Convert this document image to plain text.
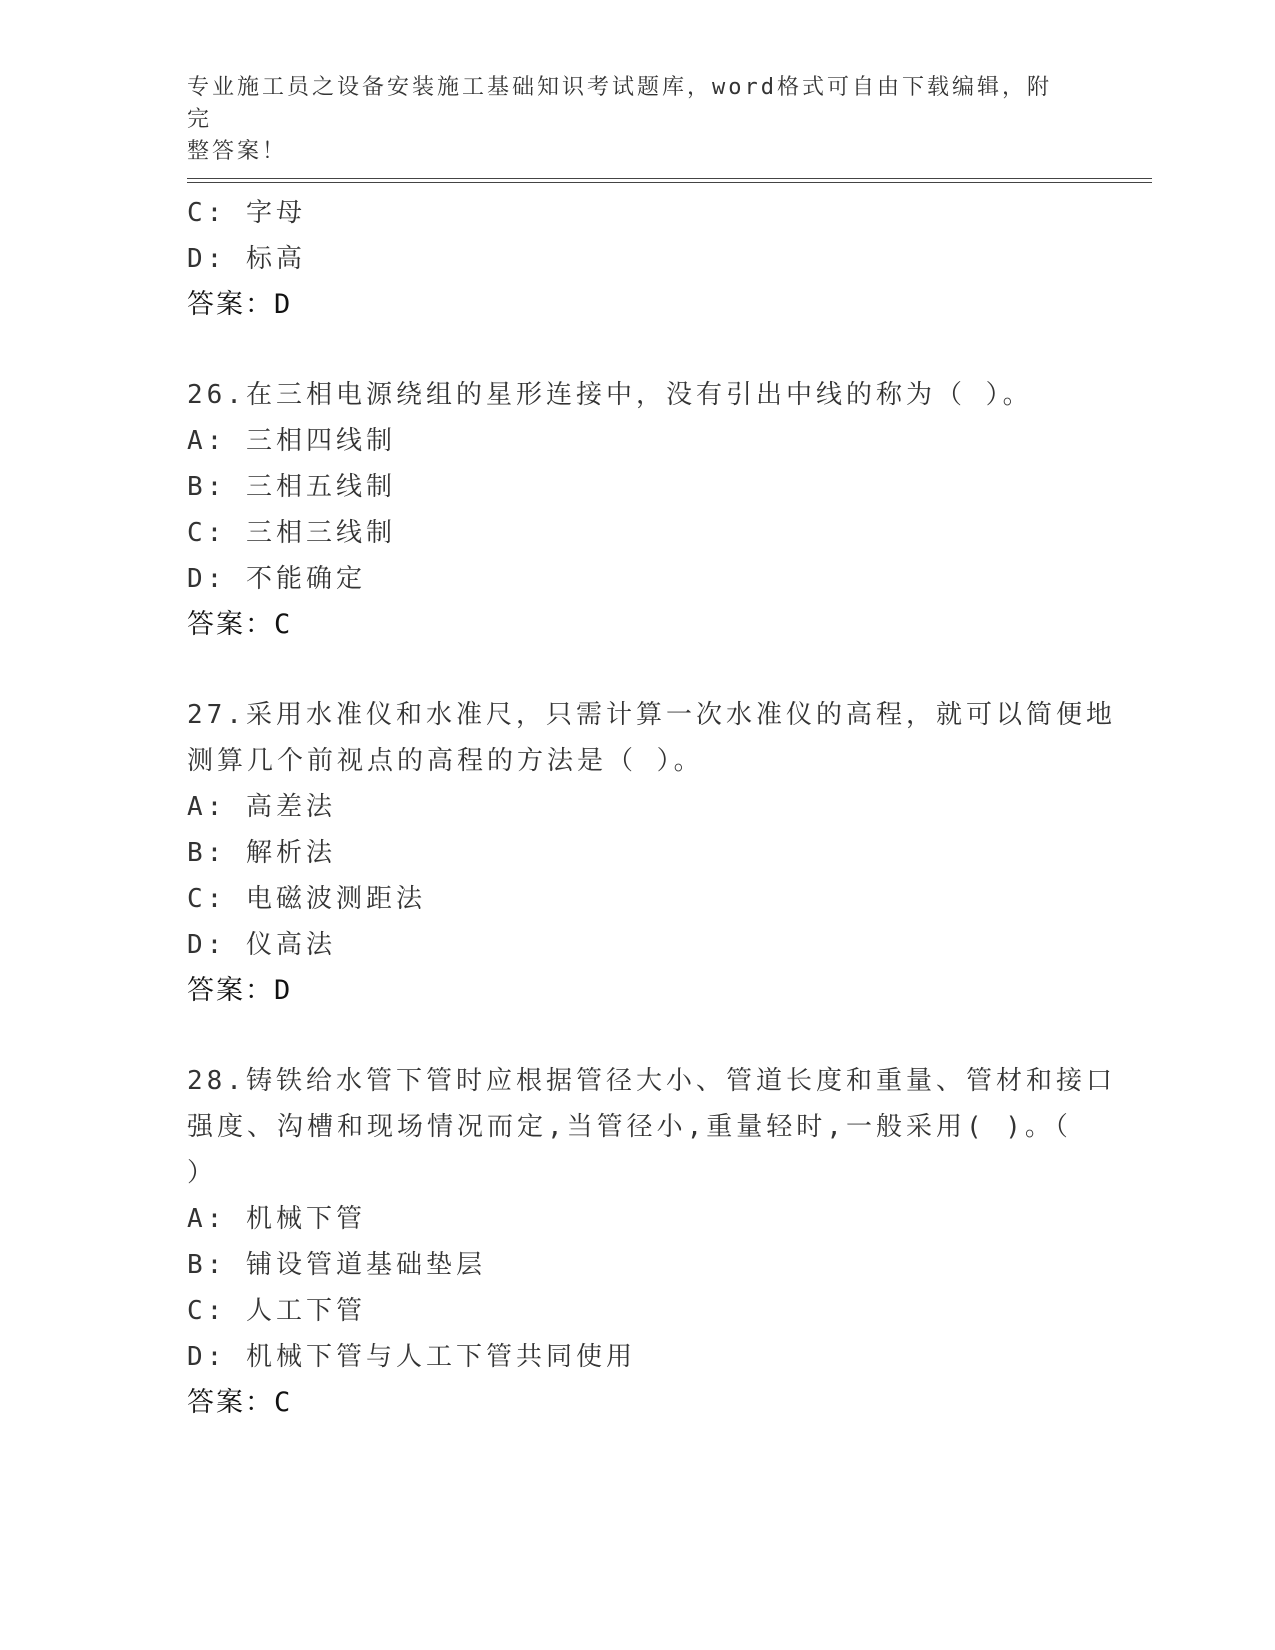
专业施工员之设备安装施工基础知识考试题库，word格式可自由下载编辑，附完
整答案！
C: 字母
D: 标高
答案：D
26.在三相电源绕组的星形连接中，没有引出中线的称为（ ）。
A: 三相四线制
B: 三相五线制
C: 三相三线制
D: 不能确定
答案：C
27.采用水准仪和水准尺，只需计算一次水准仪的高程，就可以简便地
测算几个前视点的高程的方法是（ ）。
A: 高差法
B: 解析法
C: 电磁波测距法
D: 仪高法
答案：D
28.铸铁给水管下管时应根据管径大小、管道长度和重量、管材和接口
强度、沟槽和现场情况而定,当管径小,重量轻时,一般采用( )。（
）
A: 机械下管
B: 铺设管道基础垫层
C: 人工下管
D: 机械下管与人工下管共同使用
答案：C
